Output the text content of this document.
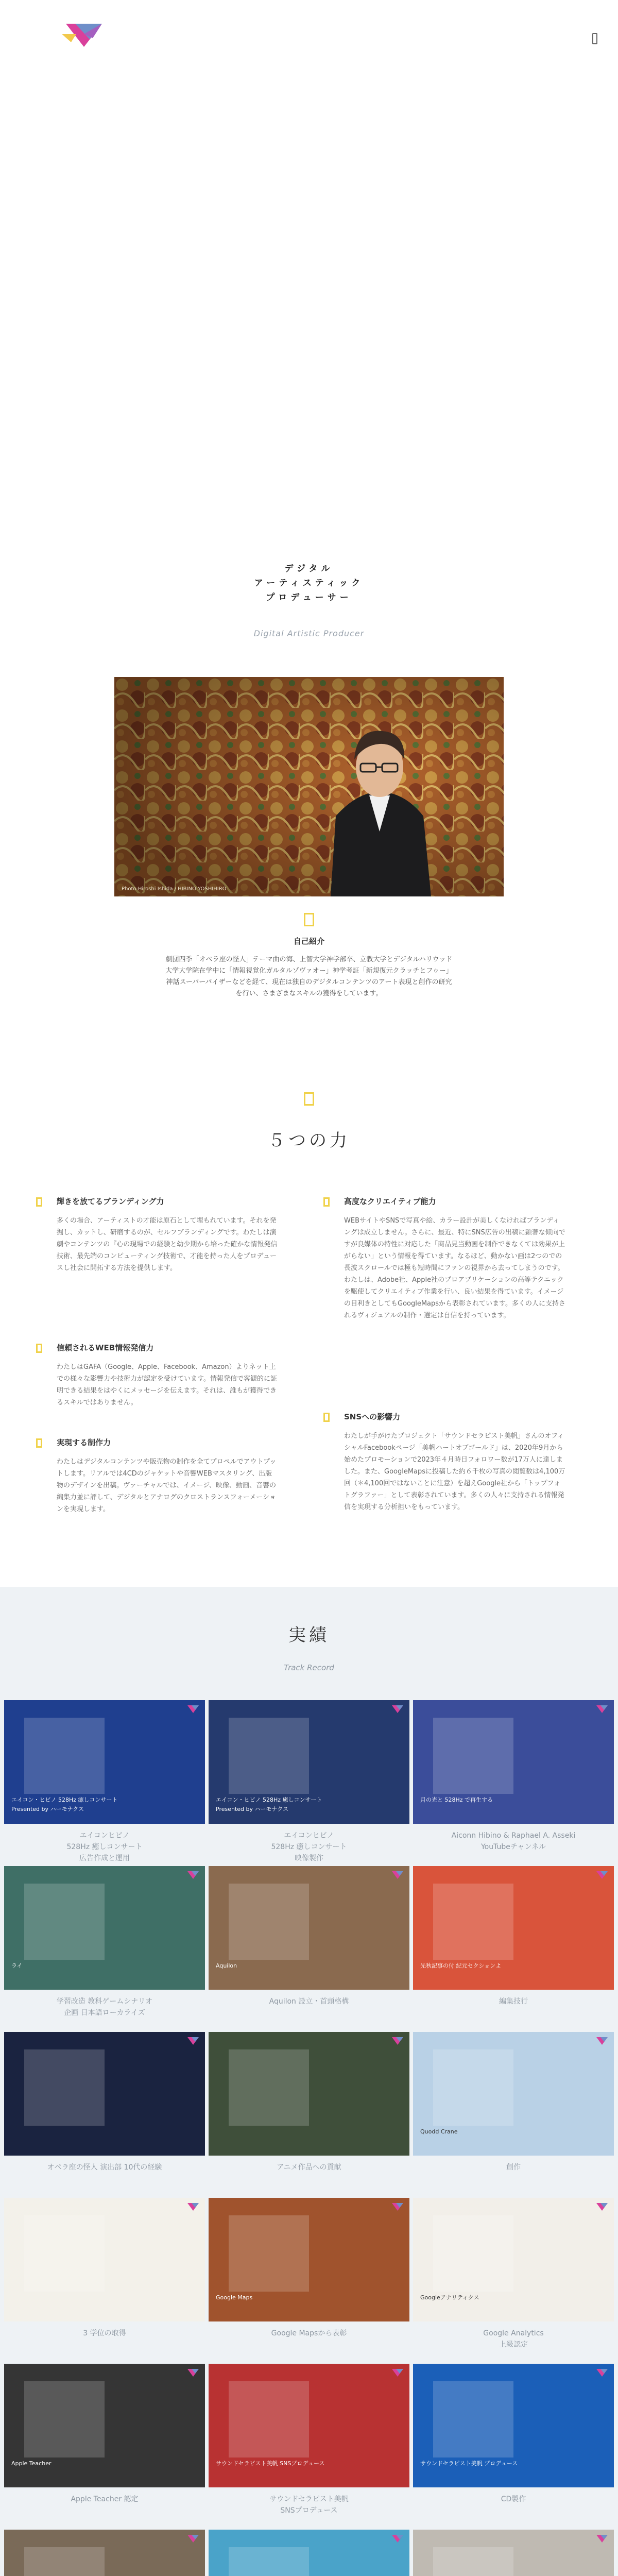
デジタル
アーティスティック
プロデューサー
Digital Artistic Producer
Photo:Hiroshi Ishida / HIBINO YOSHIHIRO
自己紹介
劇団四季「オペラ座の怪人」テーマ曲の海、上智大学神学部卒、立教大学とデジタルハリウッド大学大学院在学中に「情報視覚化ガルタルゾヴァオー」神学考証「新規復元クラッチとフゥー」神話スーパーバイザーなどを経て、現在は独自のデジタルコンテンツのアート表現と創作の研究を行い、さまざまなスキルの獲得をしています。
５つの力
輝きを放てるブランディング力

多くの場合、アーティストの才能は原石として埋もれています。それを発掘し、カットし、研磨するのが、セルフブランディングです。わたしは演劇やコンテンツの『心の現場での経験と幼少期から培った確かな情報発信技術、最先端のコンピューティング技術で、才能を持った人をプロデュースし社会に開拓する方法を提供します。

高度なクリエイティブ能力

WEBサイトやSNSで写真や絵、カラー設計が美しくなければブランディングは成立しません。さらに、最近、特にSNS広告の出稿に顕著な傾向ですが良媒体の特性に対応した「商品見当動画を制作できなくては効果が上がらない」という情報を得ています。なるほど、動かない画は2つのでの長波スクロールでは極も短時間にファンの視界から去ってしまうのです。わたしは、Adobe社、Apple社のプロアプリケーションの高等テクニックを駆使してクリエイティブ作業を行い、良い結果を得ています。イメージの目利きとしてもGoogleMapsから表彰されています。多くの人に支持されるヴィジュアルの制作・選定は自信を持っています。

信頼されるWEB情報発信力

わたしはGAFA（Google、Apple、Facebook、Amazon）よりネット上での様々な影響力や技術力が認定を受けています。情報発信で客観的に証明できる結果をはやくにメッセージを伝えます。それは、誰もが獲得できるスキルではありません。

SNSへの影響力

わたしが手がけたプロジェクト「サウンドセラピスト美帆」さんのオフィシャルFacebookページ「美帆ハートオブゴールド」は、2020年9月から始めたプロモーションで2023年４月時日フォロワー数が17万人に達しました。また、GoogleMapsに投稿した約６千枚の写真の閲覧数は4,100万回（＊4,100回ではないことに注意）を超えGoogle社から「トップフォトグラファー」として表彰されています。多くの人々に支持される情報発信を実現する分析担いをもっています。

実現する制作力

わたしはデジタルコンテンツや販売物の制作を全てプロペルでアウトプットします。リアルでは4CDのジャケットや音響WEBマスタリング、出版物のデザインを出稿。ヴァーチャルでは、イメージ、映像、動画、音響の編集力並に評して、デジタルとアナログのクロストランスフォーメーションを実現します。

実績
Track Record
エイコン・ヒビノ 528Hz 癒しコンサート
Presented by ハーモナクス
エイコンヒビノ
528Hz 癒しコンサート
広告作成と運用
エイコン・ヒビノ 528Hz 癒しコンサート
Presented by ハーモナクス
エイコンヒビノ
528Hz 癒しコンサート
映像製作
月の光と 528Hz で再生する
Aiconn Hibino & Raphael A. Asseki
YouTubeチャンネル
ライ
学習改造 教科ゲームシナリオ
企画 日本語ローカライズ
Aquilon
Aquilon 設立・首頭格構
先秋記事の付 紀元セクションよ
編集技行
オペラ座の怪人 演出部 10代の経験	アニメ作品への貢献
Quodd Crane
創作
3 学位の取得
Google Maps
Google Mapsから表彰
Googleアナリティクス
Google Analytics
上級認定
Apple Teacher
Apple Teacher 認定
サウンドセラピスト美帆 SNSプロデュース
サウンドセラピスト美帆
SNSプロデュース
サウンドセラピスト美帆 プロデュース
CD製作
